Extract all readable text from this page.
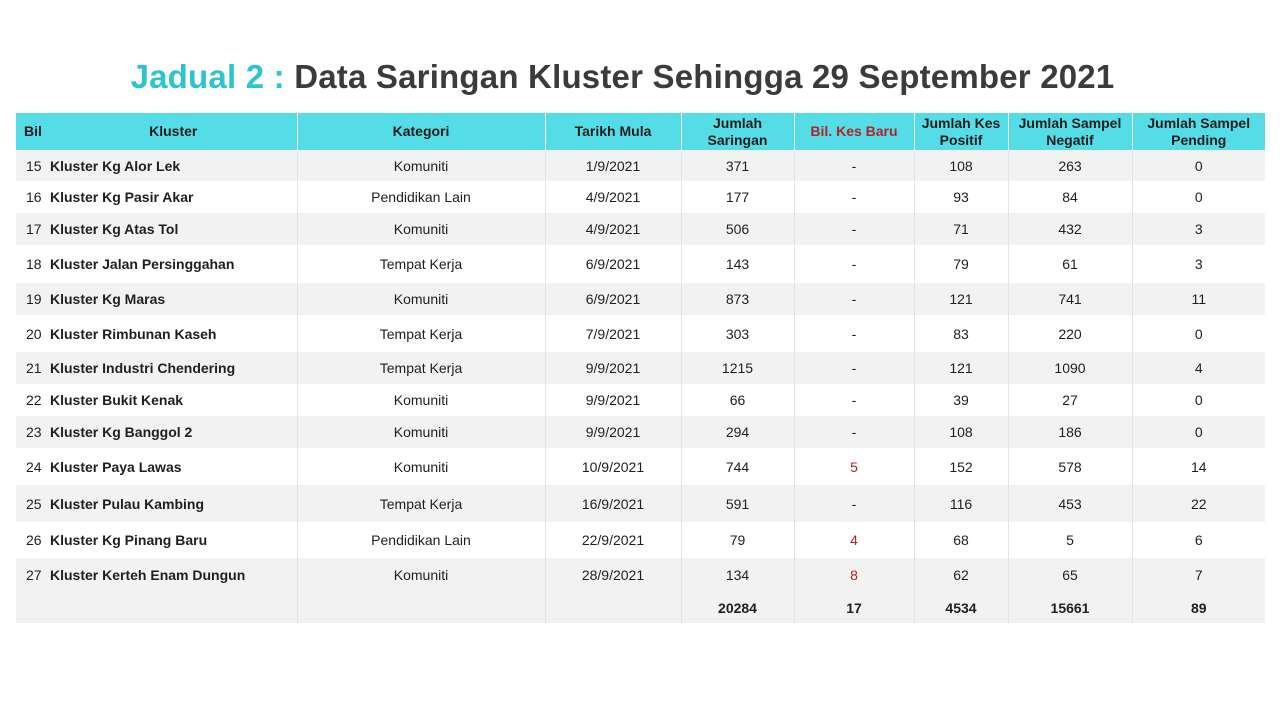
Jadual 2 : Data Saringan Kluster Sehingga 29 September 2021
Bil	Kluster	Kategori	Tarikh Mula	Jumlah Saringan	Bil. Kes Baru	Jumlah Kes Positif	Jumlah Sampel Negatif	Jumlah Sampel Pending
15	Kluster Kg Alor Lek	Komuniti	1/9/2021	371	-	108	263	0
16	Kluster Kg Pasir Akar	Pendidikan Lain	4/9/2021	177	-	93	84	0
17	Kluster Kg Atas Tol	Komuniti	4/9/2021	506	-	71	432	3
18	Kluster Jalan Persinggahan	Tempat Kerja	6/9/2021	143	-	79	61	3
19	Kluster Kg Maras	Komuniti	6/9/2021	873	-	121	741	11
20	Kluster Rimbunan Kaseh	Tempat Kerja	7/9/2021	303	-	83	220	0
21	Kluster Industri Chendering	Tempat Kerja	9/9/2021	1215	-	121	1090	4
22	Kluster Bukit Kenak	Komuniti	9/9/2021	66	-	39	27	0
23	Kluster Kg Banggol 2	Komuniti	9/9/2021	294	-	108	186	0
24	Kluster Paya Lawas	Komuniti	10/9/2021	744	5	152	578	14
25	Kluster Pulau Kambing	Tempat Kerja	16/9/2021	591	-	116	453	22
26	Kluster Kg Pinang Baru	Pendidikan Lain	22/9/2021	79	4	68	5	6
27	Kluster Kerteh Enam Dungun	Komuniti	28/9/2021	134	8	62	65	7
				20284	17	4534	15661	89
